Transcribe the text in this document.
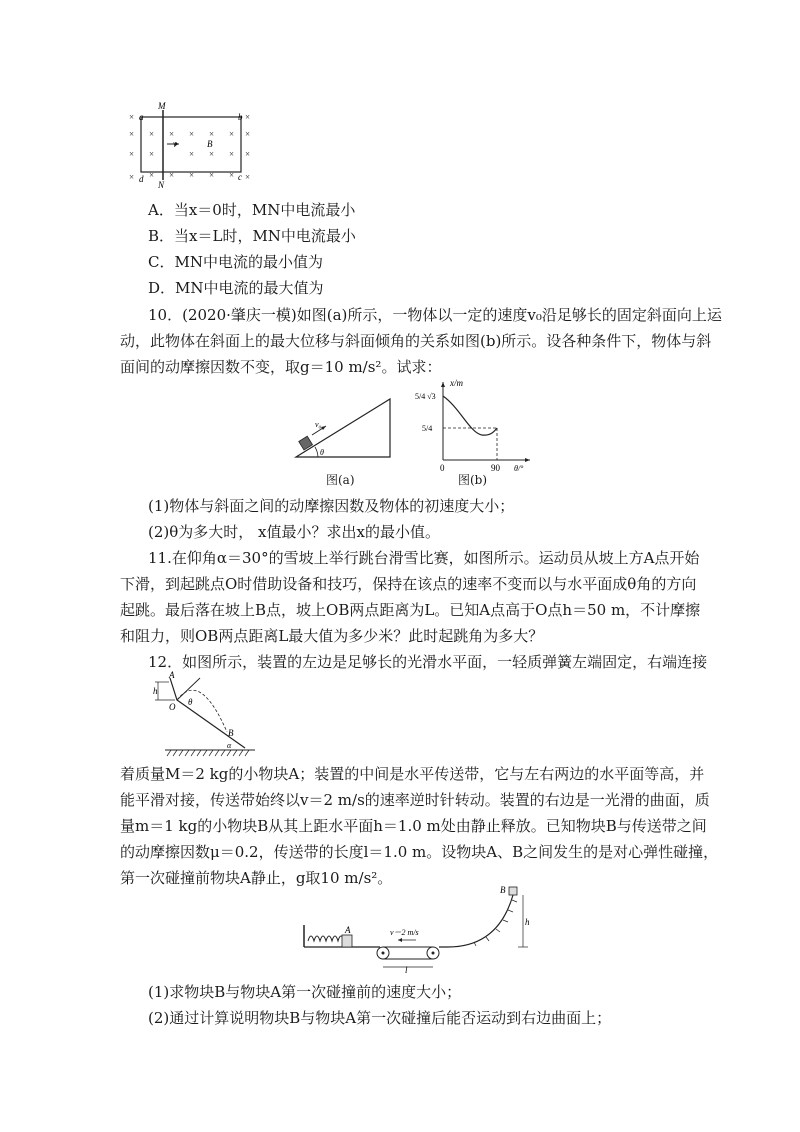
×	×
× × × × × × ×
× ×	× × × ×
× × × × × × ×
M
N
a	b
c
d
v	B
A．当x＝0时，MN中电流最小
B．当x＝L时，MN中电流最小
C．MN中电流的最小值为
D．MN中电流的最大值为
10．(2020·肇庆一模)如图(a)所示，一物体以一定的速度v₀沿足够长的固定斜面向上运
动，此物体在斜面上的最大位移与斜面倾角的关系如图(b)所示。设各种条件下，物体与斜
面间的动摩擦因数不变，取g＝10 m/s²。试求：
v₀
θ
图(a)
x/m
5/4 √3
5/4
0	90 θ/°
图(b)
(1)物体与斜面之间的动摩擦因数及物体的初速度大小；
(2)θ为多大时， x值最小？求出x的最小值。
11.在仰角α＝30°的雪坡上举行跳台滑雪比赛，如图所示。运动员从坡上方A点开始
下滑，到起跳点O时借助设备和技巧，保持在该点的速率不变而以与水平面成θ角的方向
起跳。最后落在坡上B点，坡上OB两点距离为L。已知A点高于O点h＝50 m，不计摩擦
和阻力，则OB两点距离L最大值为多少米？此时起跳角为多大？
12．如图所示，装置的左边是足够长的光滑水平面，一轻质弹簧左端固定，右端连接
A
h
O θ
B
α
着质量M＝2 kg的小物块A；装置的中间是水平传送带，它与左右两边的水平面等高，并
能平滑对接，传送带始终以v＝2 m/s的速率逆时针转动。装置的右边是一光滑的曲面，质
量m＝1 kg的小物块B从其上距水平面h＝1.0 m处由静止释放。已知物块B与传送带之间
的动摩擦因数μ＝0.2，传送带的长度l＝1.0 m。设物块A、B之间发生的是对心弹性碰撞，
第一次碰撞前物块A静止，g取10 m/s²。
A	v＝2 m/s
l
B
h
(1)求物块B与物块A第一次碰撞前的速度大小；
(2)通过计算说明物块B与物块A第一次碰撞后能否运动到右边曲面上；
